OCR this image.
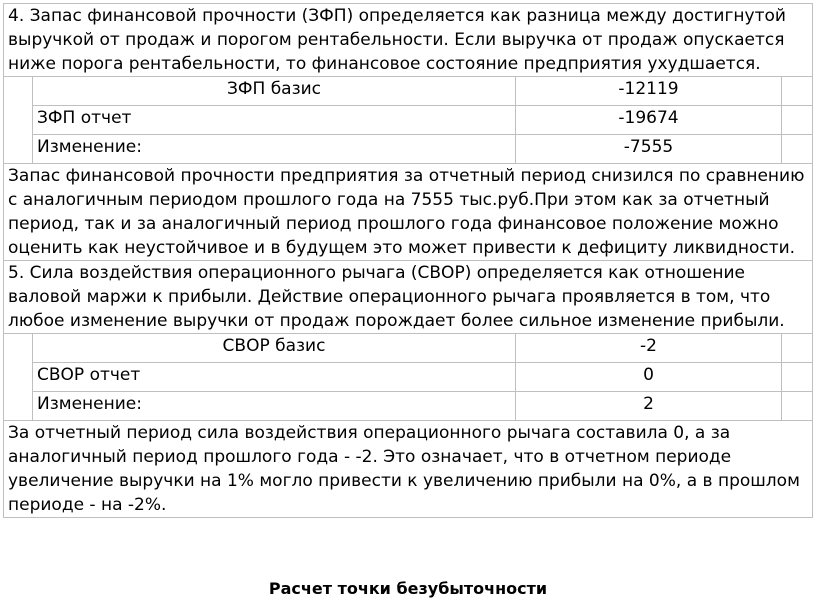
4. Запас финансовой прочности (ЗФП) определяется как разница между достигнутой выручкой от продаж и порогом рентабельности. Если выручка от продаж опускается ниже порога рентабельности, то финансовое состояние предприятия ухудшается.			
	ЗФП базис	-12119	
	ЗФП отчет	-19674	
	Изменение:	-7555	
Запас финансовой прочности предприятия за отчетный период снизился по сравнению с аналогичным периодом прошлого года на 7555 тыс.руб.При этом как за отчетный период, так и за аналогичный период прошлого года финансовое положение можно оценить как неустойчивое и в будущем это может привести к дефициту ликвидности.			
5. Сила воздействия операционного рычага (СВОР) определяется как отношение валовой маржи к прибыли. Действие операционного рычага проявляется в том, что любое изменение выручки от продаж порождает более сильное изменение прибыли.			
	СВОР базис	-2	
	СВОР отчет	0	
	Изменение:	2	
За отчетный период сила воздействия операционного рычага составила 0, а за аналогичный период прошлого года - -2. Это означает, что в отчетном периоде увеличение выручки на 1% могло привести к увеличению прибыли на 0%, а в прошлом периоде - на -2%.			
Расчет точки безубыточности
